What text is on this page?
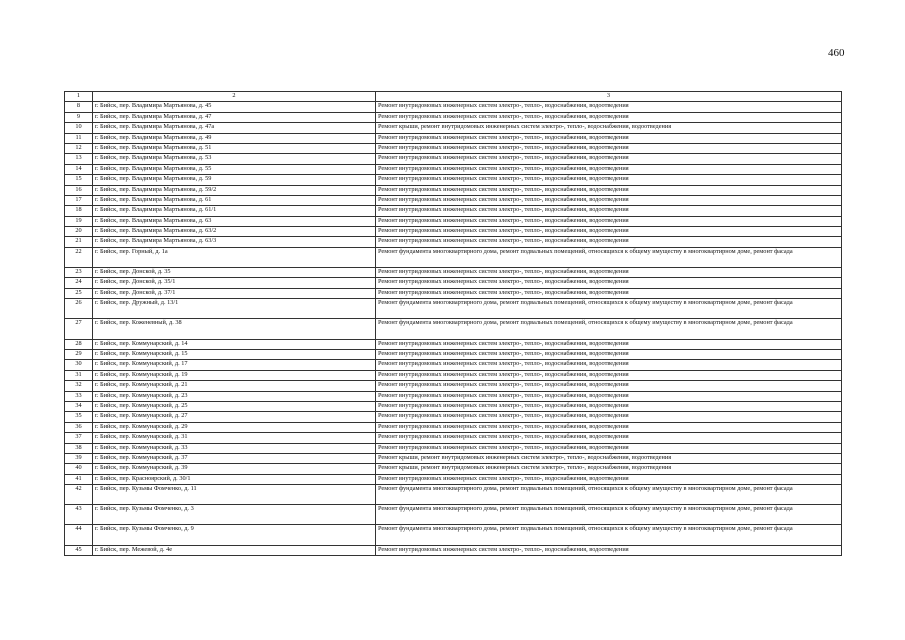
460
1	2	3
8	г. Бийск, пер. Владимира Мартьянова, д. 45	Ремонт внутридомовых инженерных систем электро-, тепло-, водоснабжения, водоотведения
9	г. Бийск, пер. Владимира Мартьянова, д. 47	Ремонт внутридомовых инженерных систем электро-, тепло-, водоснабжения, водоотведения
10	г. Бийск, пер. Владимира Мартьянова, д. 47а	Ремонт крыши, ремонт внутридомовых инженерных систем электро-, тепло-, водоснабжения, водоотведения
11	г. Бийск, пер. Владимира Мартьянова, д. 49	Ремонт внутридомовых инженерных систем электро-, тепло-, водоснабжения, водоотведения
12	г. Бийск, пер. Владимира Мартьянова, д. 51	Ремонт внутридомовых инженерных систем электро-, тепло-, водоснабжения, водоотведения
13	г. Бийск, пер. Владимира Мартьянова, д. 53	Ремонт внутридомовых инженерных систем электро-, тепло-, водоснабжения, водоотведения
14	г. Бийск, пер. Владимира Мартьянова, д. 55	Ремонт внутридомовых инженерных систем электро-, тепло-, водоснабжения, водоотведения
15	г. Бийск, пер. Владимира Мартьянова, д. 59	Ремонт внутридомовых инженерных систем электро-, тепло-, водоснабжения, водоотведения
16	г. Бийск, пер. Владимира Мартьянова, д. 59/2	Ремонт внутридомовых инженерных систем электро-, тепло-, водоснабжения, водоотведения
17	г. Бийск, пер. Владимира Мартьянова, д. 61	Ремонт внутридомовых инженерных систем электро-, тепло-, водоснабжения, водоотведения
18	г. Бийск, пер. Владимира Мартьянова, д. 61/1	Ремонт внутридомовых инженерных систем электро-, тепло-, водоснабжения, водоотведения
19	г. Бийск, пер. Владимира Мартьянова, д. 63	Ремонт внутридомовых инженерных систем электро-, тепло-, водоснабжения, водоотведения
20	г. Бийск, пер. Владимира Мартьянова, д. 63/2	Ремонт внутридомовых инженерных систем электро-, тепло-, водоснабжения, водоотведения
21	г. Бийск, пер. Владимира Мартьянова, д. 63/3	Ремонт внутридомовых инженерных систем электро-, тепло-, водоснабжения, водоотведения
22	г. Бийск, пер. Горный, д. 1а	Ремонт фундамента многоквартирного дома, ремонт подвальных помещений, относящихся к общему имуществу в многоквартирном доме, ремонт фасада
23	г. Бийск, пер. Донской, д. 35	Ремонт внутридомовых инженерных систем электро-, тепло-, водоснабжения, водоотведения
24	г. Бийск, пер. Донской, д. 35/1	Ремонт внутридомовых инженерных систем электро-, тепло-, водоснабжения, водоотведения
25	г. Бийск, пер. Донской, д. 37/1	Ремонт внутридомовых инженерных систем электро-, тепло-, водоснабжения, водоотведения
26	г. Бийск, пер. Дружный, д. 13/1	Ремонт фундамента многоквартирного дома, ремонт подвальных помещений, относящихся к общему имуществу в многоквартирном доме, ремонт фасада
27	г. Бийск, пер. Коженевный, д. 38	Ремонт фундамента многоквартирного дома, ремонт подвальных помещений, относящихся к общему имуществу в многоквартирном доме, ремонт фасада
28	г. Бийск, пер. Коммунарский, д. 14	Ремонт внутридомовых инженерных систем электро-, тепло-, водоснабжения, водоотведения
29	г. Бийск, пер. Коммунарский, д. 15	Ремонт внутридомовых инженерных систем электро-, тепло-, водоснабжения, водоотведения
30	г. Бийск, пер. Коммунарский, д. 17	Ремонт внутридомовых инженерных систем электро-, тепло-, водоснабжения, водоотведения
31	г. Бийск, пер. Коммунарский, д. 19	Ремонт внутридомовых инженерных систем электро-, тепло-, водоснабжения, водоотведения
32	г. Бийск, пер. Коммунарский, д. 21	Ремонт внутридомовых инженерных систем электро-, тепло-, водоснабжения, водоотведения
33	г. Бийск, пер. Коммунарский, д. 23	Ремонт внутридомовых инженерных систем электро-, тепло-, водоснабжения, водоотведения
34	г. Бийск, пер. Коммунарский, д. 25	Ремонт внутридомовых инженерных систем электро-, тепло-, водоснабжения, водоотведения
35	г. Бийск, пер. Коммунарский, д. 27	Ремонт внутридомовых инженерных систем электро-, тепло-, водоснабжения, водоотведения
36	г. Бийск, пер. Коммунарский, д. 29	Ремонт внутридомовых инженерных систем электро-, тепло-, водоснабжения, водоотведения
37	г. Бийск, пер. Коммунарский, д. 31	Ремонт внутридомовых инженерных систем электро-, тепло-, водоснабжения, водоотведения
38	г. Бийск, пер. Коммунарский, д. 33	Ремонт внутридомовых инженерных систем электро-, тепло-, водоснабжения, водоотведения
39	г. Бийск, пер. Коммунарский, д. 37	Ремонт крыши, ремонт внутридомовых инженерных систем электро-, тепло-, водоснабжения, водоотведения
40	г. Бийск, пер. Коммунарский, д. 39	Ремонт крыши, ремонт внутридомовых инженерных систем электро-, тепло-, водоснабжения, водоотведения
41	г. Бийск, пер. Красноярский, д. 30/1	Ремонт внутридомовых инженерных систем электро-, тепло-, водоснабжения, водоотведения
42	г. Бийск, пер. Кузьмы Фомченко, д. 11	Ремонт фундамента многоквартирного дома, ремонт подвальных помещений, относящихся к общему имуществу в многоквартирном доме, ремонт фасада
43	г. Бийск, пер. Кузьмы Фомченко, д. 3	Ремонт фундамента многоквартирного дома, ремонт подвальных помещений, относящихся к общему имуществу в многоквартирном доме, ремонт фасада
44	г. Бийск, пер. Кузьмы Фомченко, д. 9	Ремонт фундамента многоквартирного дома, ремонт подвальных помещений, относящихся к общему имуществу в многоквартирном доме, ремонт фасада
45	г. Бийск, пер. Межевой, д. 4е	Ремонт внутридомовых инженерных систем электро-, тепло-, водоснабжения, водоотведения
